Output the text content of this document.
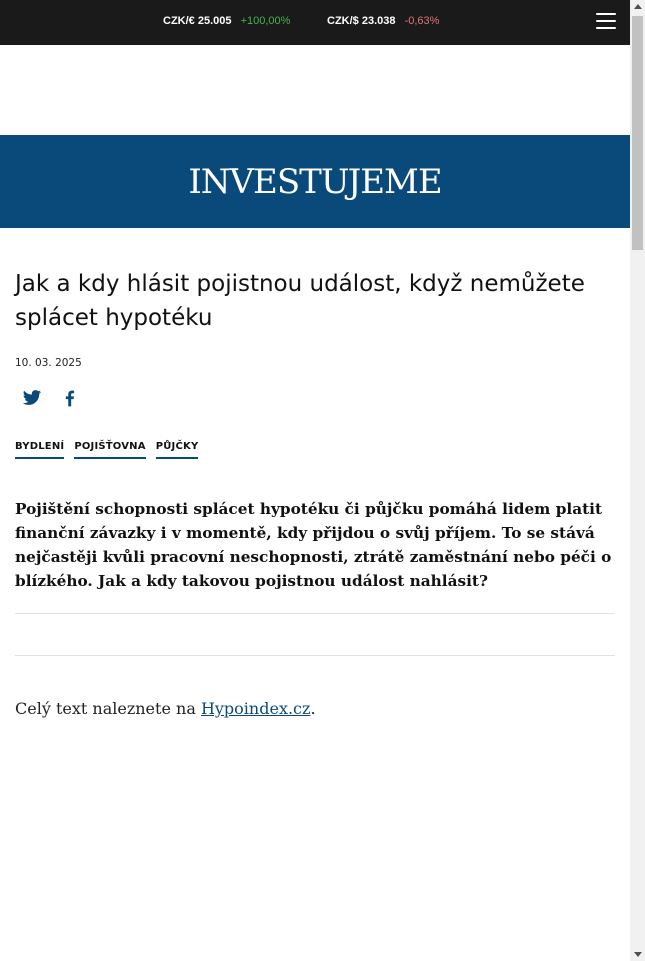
CZK/€ 25.005 +100,00%	CZK/$ 23.038 -0,63%
INVESTUJEME
Jak a kdy hlásit pojistnou událost, když nemůžete splácet hypotéku
10. 03. 2025
BYDLENÍ POJIŠŤOVNA PŮJČKY

Pojištění schopnosti splácet hypotéku či půjčku pomáhá lidem platit finanční závazky i v momentě, kdy přijdou o svůj příjem. To se stává nejčastěji kvůli pracovní neschopnosti, ztrátě zaměstnání nebo péči o blízkého. Jak a kdy takovou pojistnou událost nahlásit?

Celý text naleznete na Hypoindex.cz.
